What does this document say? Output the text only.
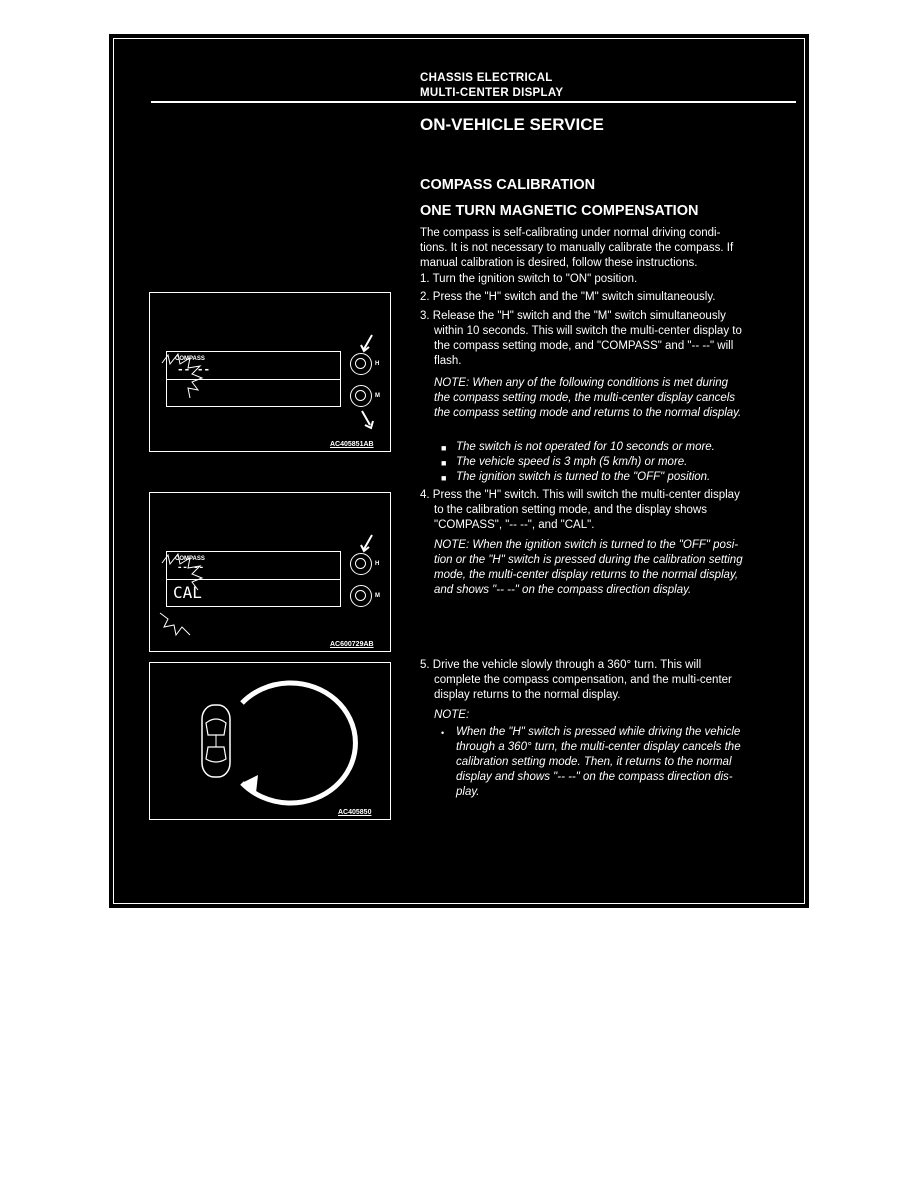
CHASSIS ELECTRICAL
MULTI-CENTER DISPLAY
ON-VEHICLE SERVICE
COMPASS CALIBRATION
ONE TURN MAGNETIC COMPENSATION
The compass is self-calibrating under normal driving condi-
tions. It is not necessary to manually calibrate the compass. If
manual calibration is desired, follow these instructions.
1. Turn the ignition switch to "ON" position.
2. Press the "H" switch and the "M" switch simultaneously.
3. Release the "H" switch and the "M" switch simultaneously
within 10 seconds. This will switch the multi-center display to
the compass setting mode, and "COMPASS" and "-- --" will
flash.
NOTE: When any of the following conditions is met during
the compass setting mode, the multi-center display cancels
the compass setting mode and returns to the normal display.
■ The switch is not operated for 10 seconds or more.
■ The vehicle speed is 3 mph (5 km/h) or more.
■ The ignition switch is turned to the "OFF" position.
4. Press the "H" switch. This will switch the multi-center display
to the calibration setting mode, and the display shows
"COMPASS", "-- --", and "CAL".
NOTE: When the ignition switch is turned to the "OFF" posi-
tion or the "H" switch is pressed during the calibration setting
mode, the multi-center display returns to the normal display,
and shows "-- --" on the compass direction display.
5. Drive the vehicle slowly through a 360° turn. This will
complete the compass compensation, and the multi-center
display returns to the normal display.
NOTE:
• When the "H" switch is pressed while driving the vehicle
through a 360° turn, the multi-center display cancels the
calibration setting mode. Then, it returns to the normal
display and shows "-- --" on the compass direction dis-
play.
COMPASS
-- --	H
M
AC405851AB
COMPASS
-- --
CAL
H
M
AC600729AB
AC405850
